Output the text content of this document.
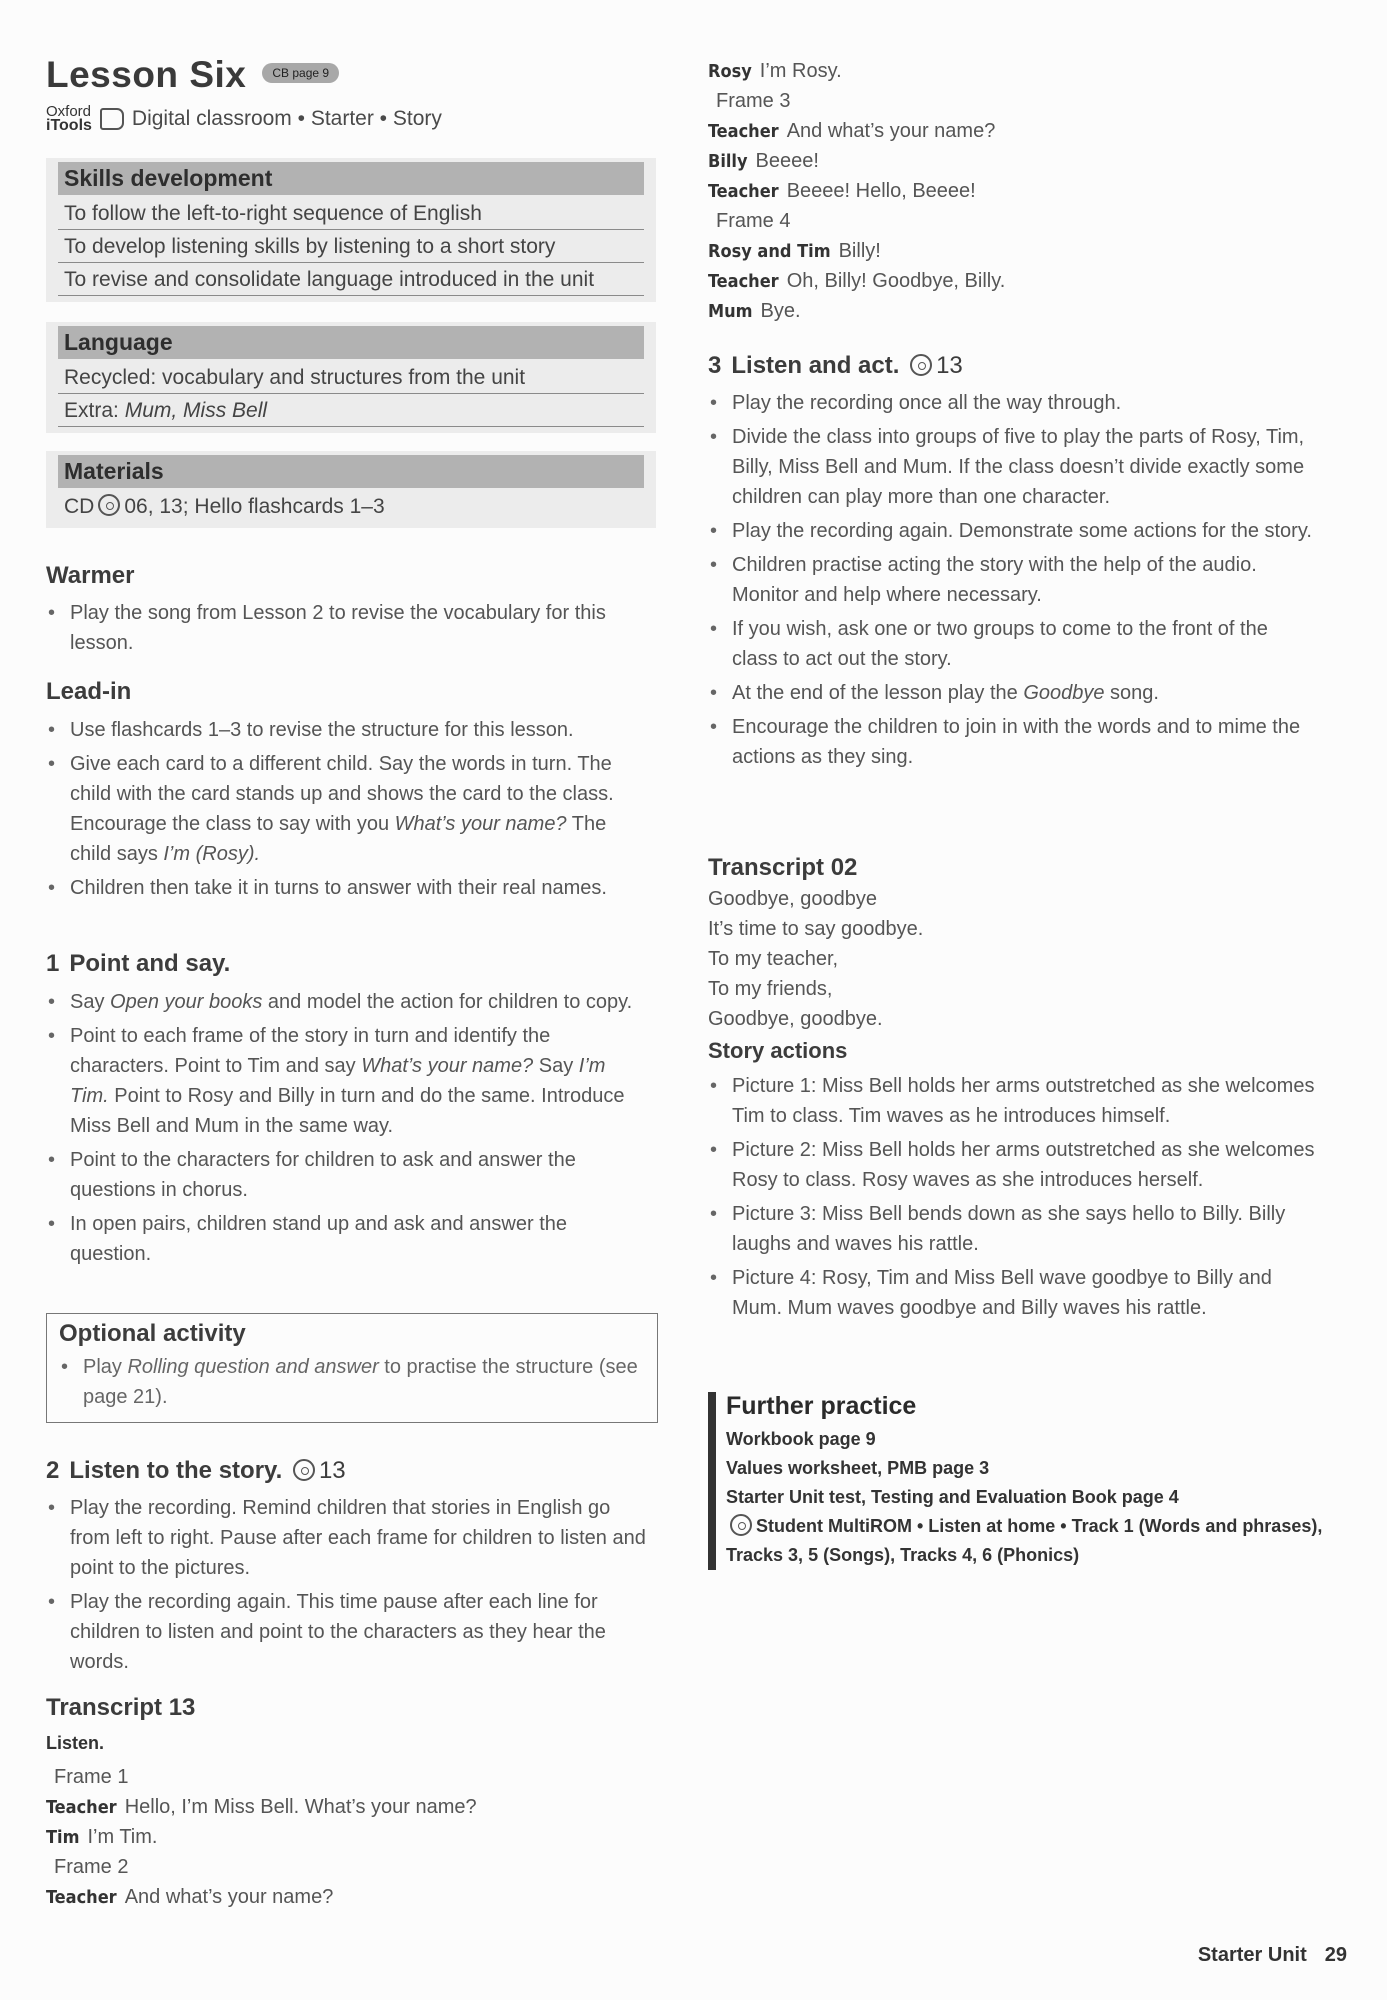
Lesson Six CB page 9
Oxford
iTools Digital classroom • Starter • Story
Skills development
To follow the left-to-right sequence of English
To develop listening skills by listening to a short story
To revise and consolidate language introduced in the unit
Language
Recycled: vocabulary and structures from the unit
Extra: Mum, Miss Bell
Materials
CD 06, 13; Hello flashcards 1–3
Warmer
• Play the song from Lesson 2 to revise the vocabulary for this lesson.
Lead-in
• Use flashcards 1–3 to revise the structure for this lesson.
• Give each card to a different child. Say the words in turn. The child with the card stands up and shows the card to the class. Encourage the class to say with you What’s your name? The child says I’m (Rosy).
• Children then take it in turns to answer with their real names.
1 Point and say.
• Say Open your books and model the action for children to copy.
• Point to each frame of the story in turn and identify the characters. Point to Tim and say What’s your name? Say I’m Tim. Point to Rosy and Billy in turn and do the same. Introduce Miss Bell and Mum in the same way.
• Point to the characters for children to ask and answer the questions in chorus.
• In open pairs, children stand up and ask and answer the question.
Optional activity
• Play Rolling question and answer to practise the structure (see page 21).
2 Listen to the story. 13
• Play the recording. Remind children that stories in English go from left to right. Pause after each frame for children to listen and point to the pictures.
• Play the recording again. This time pause after each line for children to listen and point to the characters as they hear the words.
Transcript 13
Listen.
Frame 1
Teacher Hello, I’m Miss Bell. What’s your name?
Tim I’m Tim.
Frame 2
Teacher And what’s your name?
Rosy I’m Rosy.
Frame 3
Teacher And what’s your name?
Billy Beeee!
Teacher Beeee! Hello, Beeee!
Frame 4
Rosy and Tim Billy!
Teacher Oh, Billy! Goodbye, Billy.
Mum Bye.
3 Listen and act. 13
• Play the recording once all the way through.
• Divide the class into groups of five to play the parts of Rosy, Tim, Billy, Miss Bell and Mum. If the class doesn’t divide exactly some children can play more than one character.
• Play the recording again. Demonstrate some actions for the story.
• Children practise acting the story with the help of the audio. Monitor and help where necessary.
• If you wish, ask one or two groups to come to the front of the class to act out the story.
• At the end of the lesson play the Goodbye song.
• Encourage the children to join in with the words and to mime the actions as they sing.
Transcript 02
Goodbye, goodbye
It’s time to say goodbye.
To my teacher,
To my friends,
Goodbye, goodbye.
Story actions
• Picture 1: Miss Bell holds her arms outstretched as she welcomes Tim to class. Tim waves as he introduces himself.
• Picture 2: Miss Bell holds her arms outstretched as she welcomes Rosy to class. Rosy waves as she introduces herself.
• Picture 3: Miss Bell bends down as she says hello to Billy. Billy laughs and waves his rattle.
• Picture 4: Rosy, Tim and Miss Bell wave goodbye to Billy and Mum. Mum waves goodbye and Billy waves his rattle.
Further practice
Workbook page 9
Values worksheet, PMB page 3
Starter Unit test, Testing and Evaluation Book page 4
Student MultiROM • Listen at home • Track 1 (Words and phrases), Tracks 3, 5 (Songs), Tracks 4, 6 (Phonics)
Starter Unit 29
